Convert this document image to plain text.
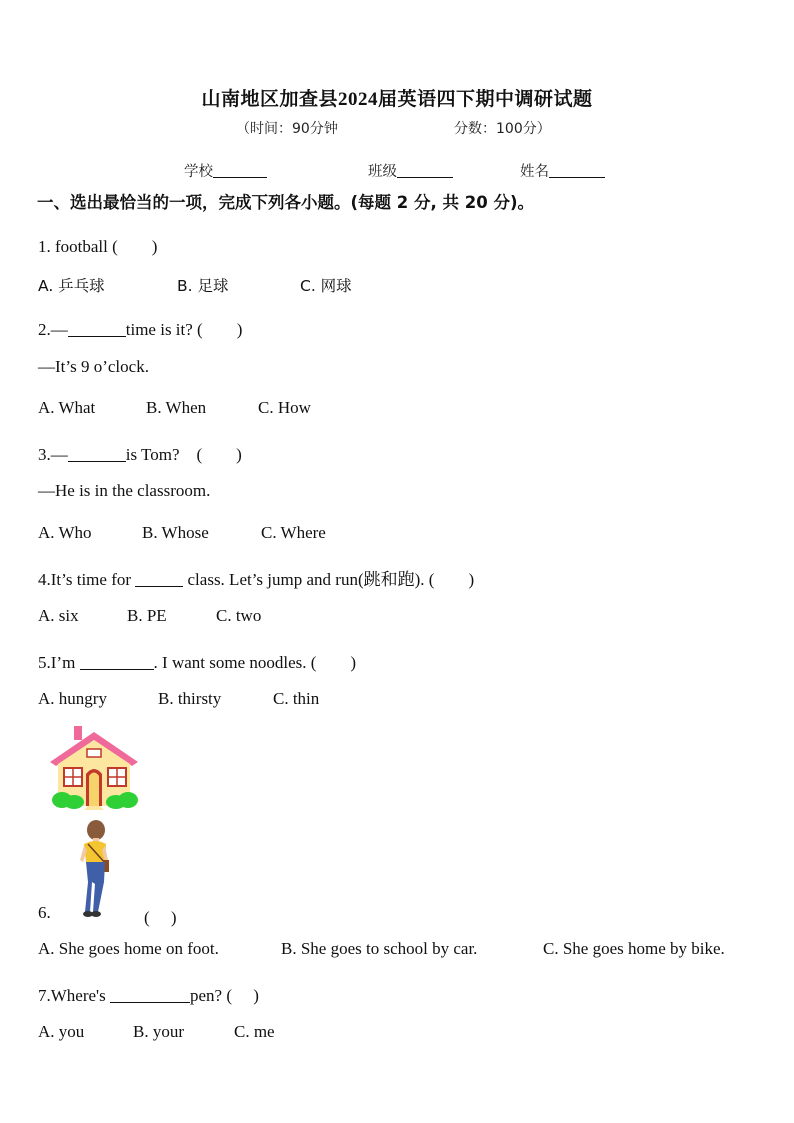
山南地区加查县2024届英语四下期中调研试题
（时间：90分钟	分数：100分）
学校	班级	姓名
一、选出最恰当的一项，完成下列各小题。(每题 2 分, 共 20 分)。
1. football (　　)
A. 乒乓球	B. 足球	C. 网球
2.—	time is it? (　　)
—It’s 9 o’clock.
A. What	B. When	C. How
3.—	is Tom?　(　　)
—He is in the classroom.
A. Who	B. Whose	C. Where
4.It’s time for	class. Let’s jump and run(跳和跑). (　　)
A. six	B. PE	C. two
5.I’m	. I want some noodles. (　　)
A. hungry	B. thirsty	C. thin
6.	(　 )
A. She goes home on foot.	B. She goes to school by car.	C. She goes home by bike.
7.Where's	pen? (　 )
A. you	B. your	C. me
